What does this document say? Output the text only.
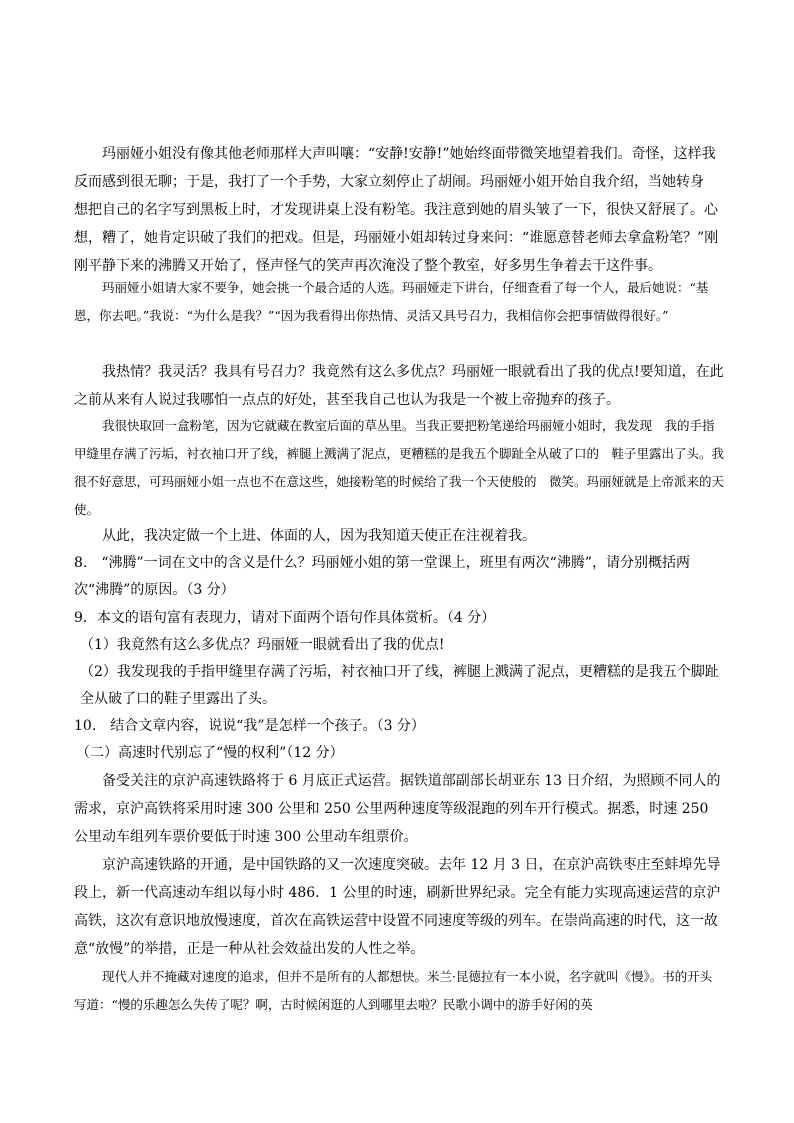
玛丽娅小姐没有像其他老师那样大声叫嚷：“安静!安静!”她始终面带微笑地望着我们。奇怪，这样我反而感到很无聊；于是，我打了一个手势，大家立刻停止了胡闹。玛丽娅小姐开始自我介绍，当她转身　想把自己的名字写到黑板上时，才发现讲桌上没有粉笔。我注意到她的眉头皱了一下，很快又舒展了。心想，糟了，她肯定识破了我们的把戏。但是，玛丽娅小姐却转过身来问：“谁愿意替老师去拿盒粉笔？”刚刚平静下来的沸腾又开始了，怪声怪气的笑声再次淹没了整个教室，好多男生争着去干这件事。

玛丽娅小姐请大家不要争，她会挑一个最合适的人选。玛丽娅走下讲台，仔细查看了每一个人，最后她说：“基恩，你去吧。”我说：“为什么是我？”“因为我看得出你热情、灵活又具号召力，我相信你会把事情做得很好。”

我热情？我灵活？我具有号召力？我竟然有这么多优点？玛丽娅一眼就看出了我的优点!要知道，在此之前从来有人说过我哪怕一点点的好处，甚至我自己也认为我是一个被上帝抛弃的孩子。

我很快取回一盒粉笔，因为它就藏在教室后面的草丛里。当我正要把粉笔递给玛丽娅小姐时，我发现　我的手指甲缝里存满了污垢，衬衣袖口开了线，裤腿上溅满了泥点，更糟糕的是我五个脚趾全从破了口的　鞋子里露出了头。我很不好意思，可玛丽娅小姐一点也不在意这些，她接粉笔的时候给了我一个天使般的　微笑。玛丽娅就是上帝派来的天使。

从此，我决定做一个上进、体面的人，因为我知道天使正在注视着我。

8.　“沸腾”一词在文中的含义是什么？玛丽娅小姐的第一堂课上，班里有两次“沸腾”，请分别概括两次“沸腾”的原因。（3 分）

9．本文的语句富有表现力，请对下面两个语句作具体赏析。（4 分）

（1）我竟然有这么多优点？玛丽娅一眼就看出了我的优点!

（2）我发现我的手指甲缝里存满了污垢，衬衣袖口开了线，裤腿上溅满了泥点，更糟糕的是我五个脚趾全从破了口的鞋子里露出了头。

10.　结合文章内容，说说“我”是怎样一个孩子。（3 分）

（二）高速时代别忘了“慢的权利”（12 分）

备受关注的京沪高速铁路将于 6 月底正式运营。据铁道部副部长胡亚东 13 日介绍，为照顾不同人的需求，京沪高铁将采用时速 300 公里和 250 公里两种速度等级混跑的列车开行模式。据悉，时速 250 公里动车组列车票价要低于时速 300 公里动车组票价。

京沪高速铁路的开通，是中国铁路的又一次速度突破。去年 12 月 3 日，在京沪高铁枣庄至蚌埠先导段上，新一代高速动车组以每小时 486．1 公里的时速，刷新世界纪录。完全有能力实现高速运营的京沪高铁，这次有意识地放慢速度，首次在高铁运营中设置不同速度等级的列车。在崇尚高速的时代，这一故　意“放慢”的举措，正是一种从社会效益出发的人性之举。

现代人并不掩藏对速度的追求，但并不是所有的人都想快。米兰·昆德拉有一本小说，名字就叫《慢》。书的开头写道：“慢的乐趣怎么失传了呢？啊，古时候闲逛的人到哪里去啦？民歌小调中的游手好闲的英
